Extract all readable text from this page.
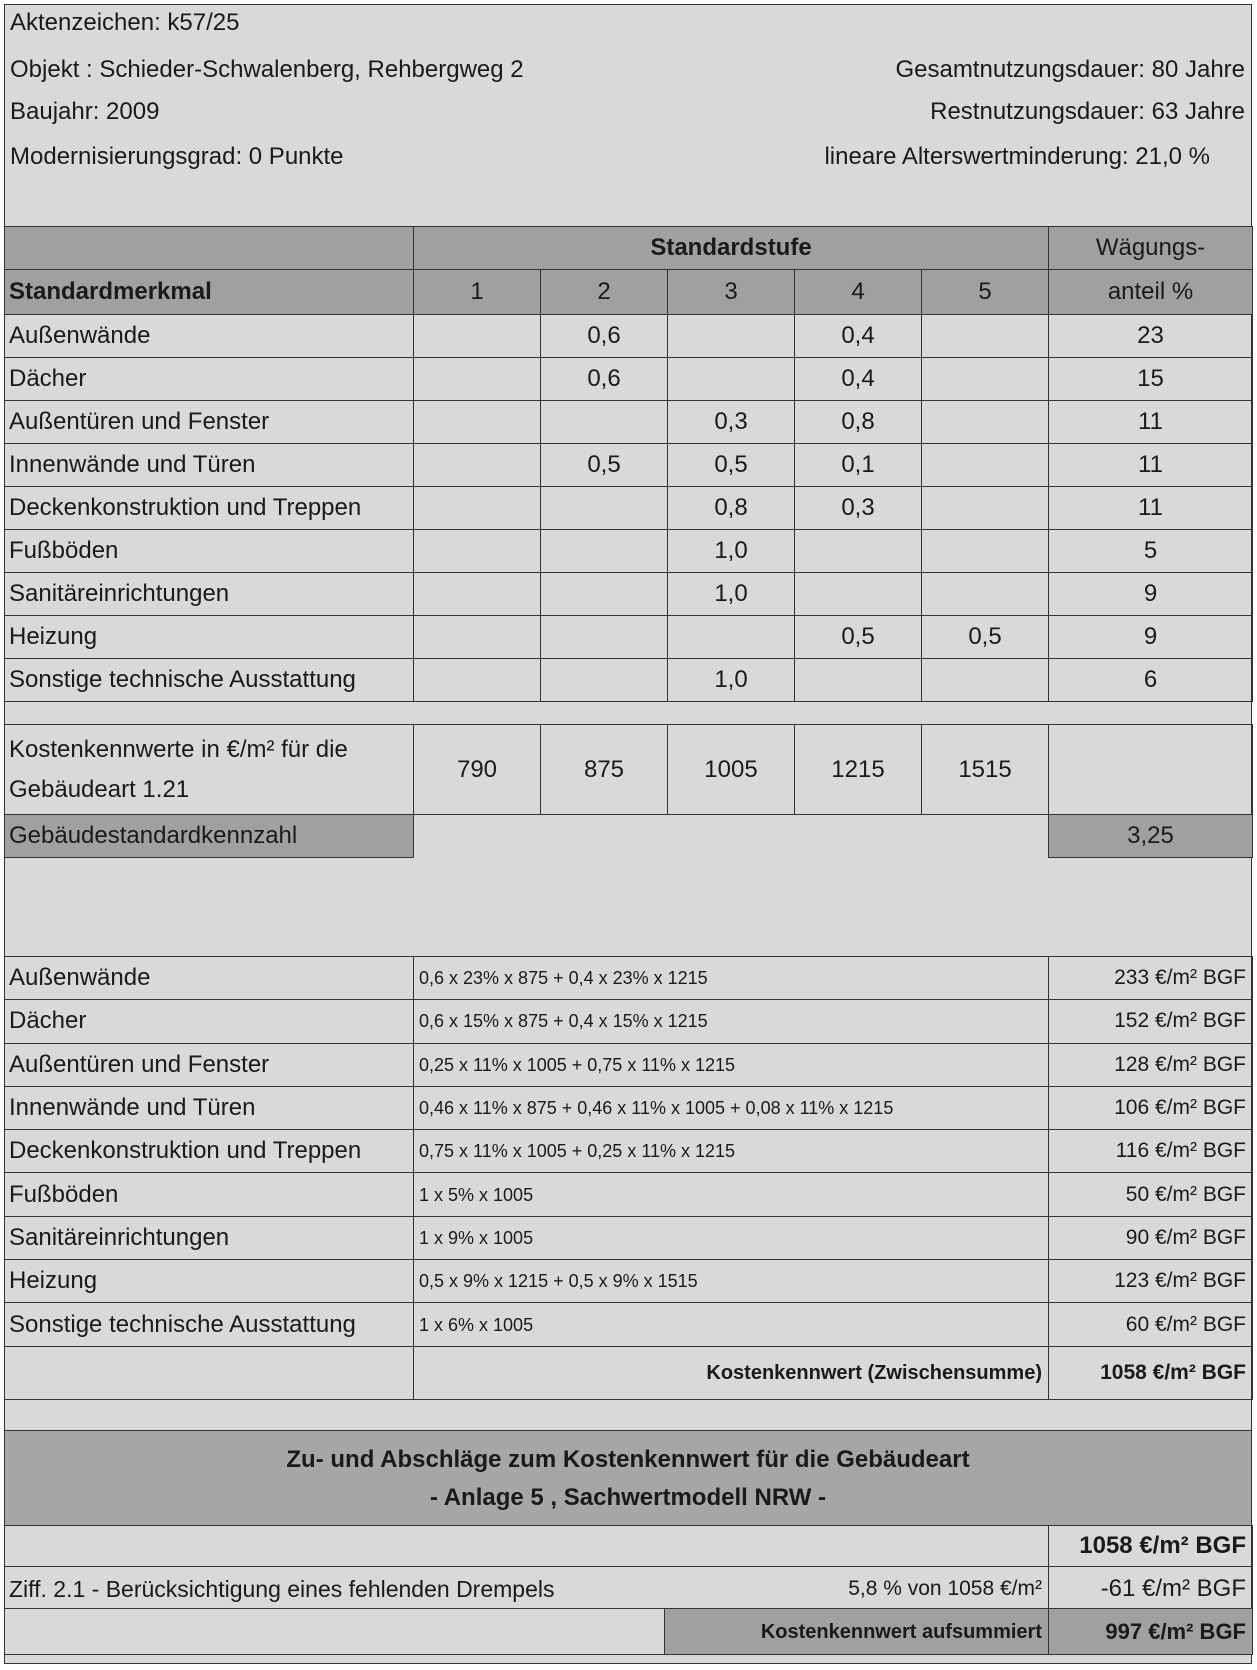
Aktenzeichen: k57/25
Objekt : Schieder-Schwalenberg, Rehbergweg 2
Baujahr: 2009
Modernisierungsgrad: 0 Punkte
Gesamtnutzungsdauer: 80 Jahre
Restnutzungsdauer: 63 Jahre
lineare Alterswertminderung: 21,0 %
	Standardstufe					Wägungs-
Standardmerkmal	1	2	3	4	5	anteil %
Außenwände		0,6		0,4		23
Dächer		0,6		0,4		15
Außentüren und Fenster			0,3	0,8		11
Innenwände und Türen		0,5	0,5	0,1		11
Deckenkonstruktion und Treppen			0,8	0,3		11
Fußböden			1,0			5
Sanitäreinrichtungen			1,0			9
Heizung				0,5	0,5	9
Sonstige technische Ausstattung			1,0			6

Kostenkennwerte in €/m² für die
Gebäudeart 1.21	790	875	1005	1215	1515	
Gebäudestandardkennzahl						3,25
Außenwände	0,6 x 23% x 875 + 0,4 x 23% x 1215	233 €/m² BGF
Dächer	0,6 x 15% x 875 + 0,4 x 15% x 1215	152 €/m² BGF
Außentüren und Fenster	0,25 x 11% x 1005 + 0,75 x 11% x 1215	128 €/m² BGF
Innenwände und Türen	0,46 x 11% x 875 + 0,46 x 11% x 1005 + 0,08 x 11% x 1215	106 €/m² BGF
Deckenkonstruktion und Treppen	0,75 x 11% x 1005 + 0,25 x 11% x 1215	116 €/m² BGF
Fußböden	1 x 5% x 1005	50 €/m² BGF
Sanitäreinrichtungen	1 x 9% x 1005	90 €/m² BGF
Heizung	0,5 x 9% x 1215 + 0,5 x 9% x 1515	123 €/m² BGF
Sonstige technische Ausstattung	1 x 6% x 1005	60 €/m² BGF
	Kostenkennwert (Zwischensumme)	1058 €/m² BGF
Zu- und Abschläge zum Kostenkennwert für die Gebäudeart
- Anlage 5 , Sachwertmodell NRW -
		1058 €/m² BGF
Ziff. 2.1 - Berücksichtigung eines fehlenden Drempels	5,8 % von 1058 €/m²	-61 €/m² BGF
	Kostenkennwert aufsummiert	997 €/m² BGF
